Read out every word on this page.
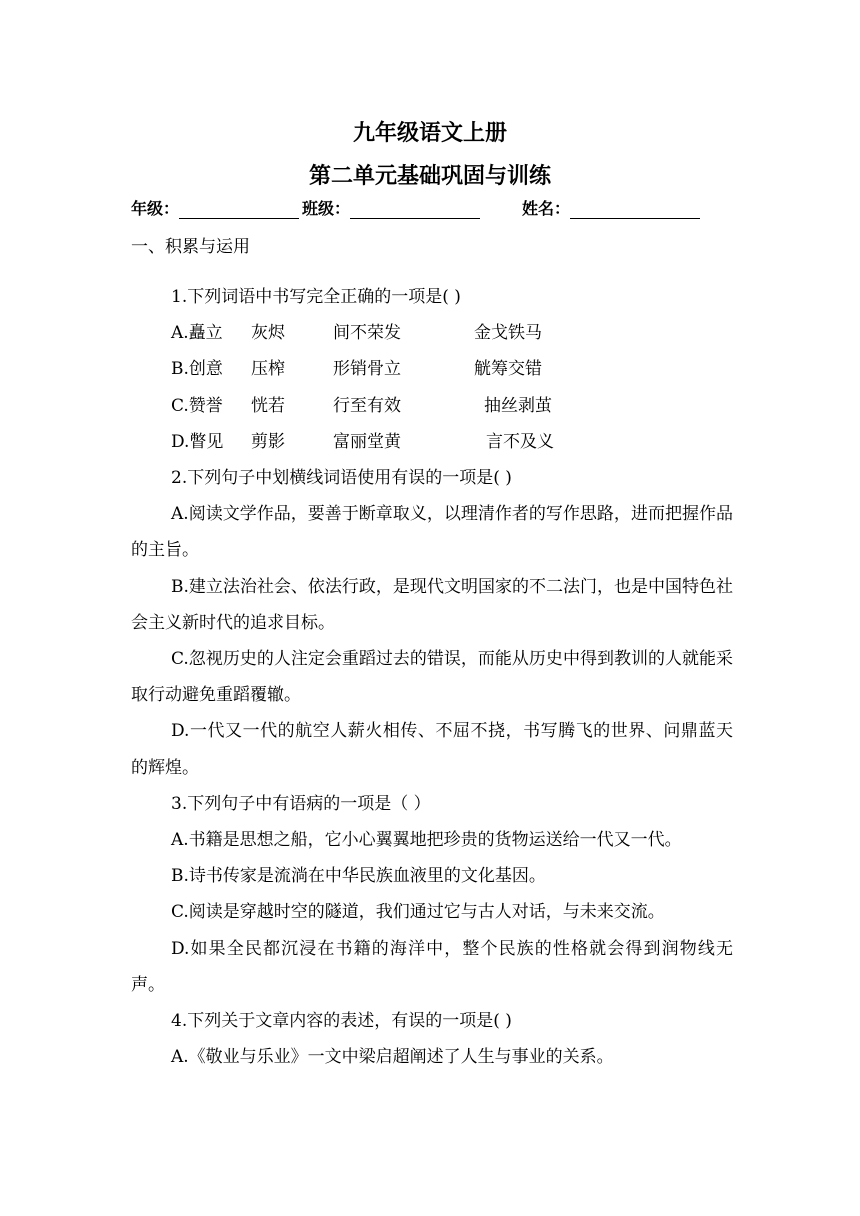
九年级语文上册
第二单元基础巩固与训练
年级：	班级：	姓名：
一、积累与运用

1.下列词语中书写完全正确的一项是( )

A.矗立 灰烬	间不荣发	金戈铁马
B.创意 压榨	形销骨立	觥筹交错
C.赞誉 恍若	行至有效	抽丝剥茧
D.瞥见 剪影	富丽堂黄	言不及义

2.下列句子中划横线词语使用有误的一项是( )

A.阅读文学作品，要善于断章取义，以理清作者的写作思路，进而把握作品的主旨。

B.建立法治社会、依法行政，是现代文明国家的不二法门，也是中国特色社会主义新时代的追求目标。

C.忽视历史的人注定会重蹈过去的错误，而能从历史中得到教训的人就能采取行动避免重蹈覆辙。

D.一代又一代的航空人薪火相传、不屈不挠，书写腾飞的世界、问鼎蓝天的辉煌。

3.下列句子中有语病的一项是（ ）

A.书籍是思想之船，它小心翼翼地把珍贵的货物运送给一代又一代。

B.诗书传家是流淌在中华民族血液里的文化基因。

C.阅读是穿越时空的隧道，我们通过它与古人对话，与未来交流。

D.如果全民都沉浸在书籍的海洋中，整个民族的性格就会得到润物线无声。

4.下列关于文章内容的表述，有误的一项是( )

A.《敬业与乐业》一文中梁启超阐述了人生与事业的关系。
